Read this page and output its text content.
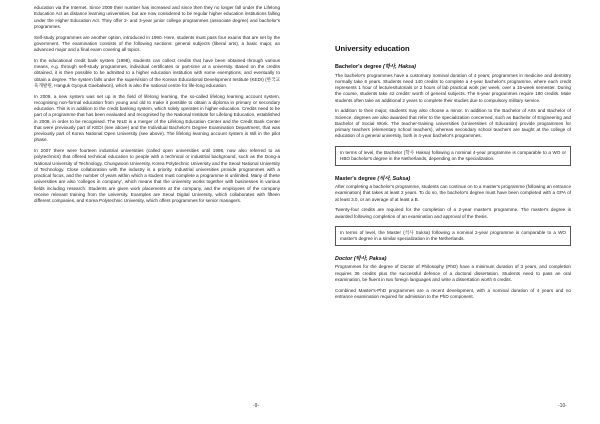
education via the Internet. Since 2009 their number has increased and since then they no longer fall under the Lifelong Education Act as distance learning universities, but are now considered to be regular higher education institutions falling under the Higher Education Act. They offer 2- and 3-year junior college programmes (associate degree) and bachelor's programmes.

Self-study programmes are another option, introduced in 1990. Here, students must pass four exams that are set by the government. The examination consists of the following sections: general subjects (liberal arts), a basic major, an advanced major and a final exam covering all topics.

In the educational credit bank system (1998), students can collect credits that have been obtained through various means, e.g. through self-study programmes, individual certificates or part-time at a university. Based on the credits obtained, it is then possible to be admitted to a higher education institution with some exemptions, and eventually to obtain a degree. The system falls under the supervision of the Korean Educational Development Institute (KEDI) (한국교육개발원, Hanguk Gyoyuk Gaebalwon), which is also the national centre for life-long education.

In 2009, a new system was set up in the field of lifelong learning, the so-called lifelong learning account system, recognising non-formal education from young and old to make it possible to obtain a diploma in primary or secondary education. This is in addition to the credit banking system, which solely operates in higher education. Credits need to be part of a programme that has been evaluated and recognised by the National Institute for Lifelong Education, established in 2008, in order to be recognised. The NILE is a merger of the Lifelong Education Center and the Credit Bank Center that were previously part of KEDI (see above) and the Individual Bachelor's Degree Examination Department, that was previously part of Korea National Open University (see above). The lifelong learning account system is still in the pilot phase.

In 2007 there were fourteen industrial universities (called open universities until 1998, now also referred to as polytechnics) that offered technical education to people with a technical or industrial background, such as the Dong-a National University of Technology, Chungwoon University, Korea Polytechnic University and the Seoul National University of Technology. Close collaboration with the industry is a priority. Industrial universities provide programmes with a practical focus, and the number of years within which a student must complete a programme is unlimited. Many of these universities are also 'colleges in company', which means that the university works together with businesses in various fields including research. Students are given work placements at the company, and the employees of the company receive relevant training from the university. Examples are Seoul Digital University, which collaborates with fifteen different companies, and Korea Polytechnic University, which offers programmes for senior managers.

-9-
University education
Bachelor's degree (학사, Haksa)

The bachelor's programmes have a customary nominal duration of 4 years; programmes in medicine and dentistry normally take 6 years. Students need 140 credits to complete a 4-year bachelor's programme, where each credit represents 1 hour of lectures/tutorials or 2 hours of lab practical work per week, over a 15-week semester. During the course, students take 42 credits' worth of general subjects. The 6-year programmes require 180 credits. Male students often take an additional 2 years to complete their studies due to compulsory military service.

In addition to their major, students may also choose a minor. In addition to the Bachelor of Arts and Bachelor of Science, degrees are also awarded that refer to the specialization concerned, such as Bachelor of Engineering and Bachelor of Social Work. The teacher-training universities (Universities of Education) provide programmes for primary teachers (elementary school teachers), whereas secondary school teachers are taught at the college of education of a general university, both in 4-year bachelor's programmes.

In terms of level, the Bachelor (학사 Haksa) following a nominal 4-year programme is comparable to a WO or HBO bachelor's degree in the Netherlands, depending on the specialization.

Master's degree (석사, Suksa)

After completing a bachelor's programme, students can continue on to a master's programme (following an entrance examination) that takes at least 2 years. To do so, the bachelor's degree must have been completed with a GPA of at least 3.0, or an average of at least a B.

Twenty-four credits are required for the completion of a 2-year master's programme. The master's degree is awarded following completion of an examination and approval of the thesis.

In terms of level, the Master (석사 Suksa) following a nominal 2-year programme is comparable to a WO master's degree in a similar specialization in the Netherlands.

Doctor (박사, Paksa)

Programmes for the degree of Doctor of Philosophy (PhD) have a minimum duration of 3 years, and completion requires 36 credits plus the successful defence of a doctoral dissertation. Students need to pass an oral examination, be fluent in two foreign languages and write a dissertation worth 6 credits.

Combined Master's-PhD programmes are a recent development, with a nominal duration of 4 years and no entrance examination required for admission to the PhD component.

-10-
